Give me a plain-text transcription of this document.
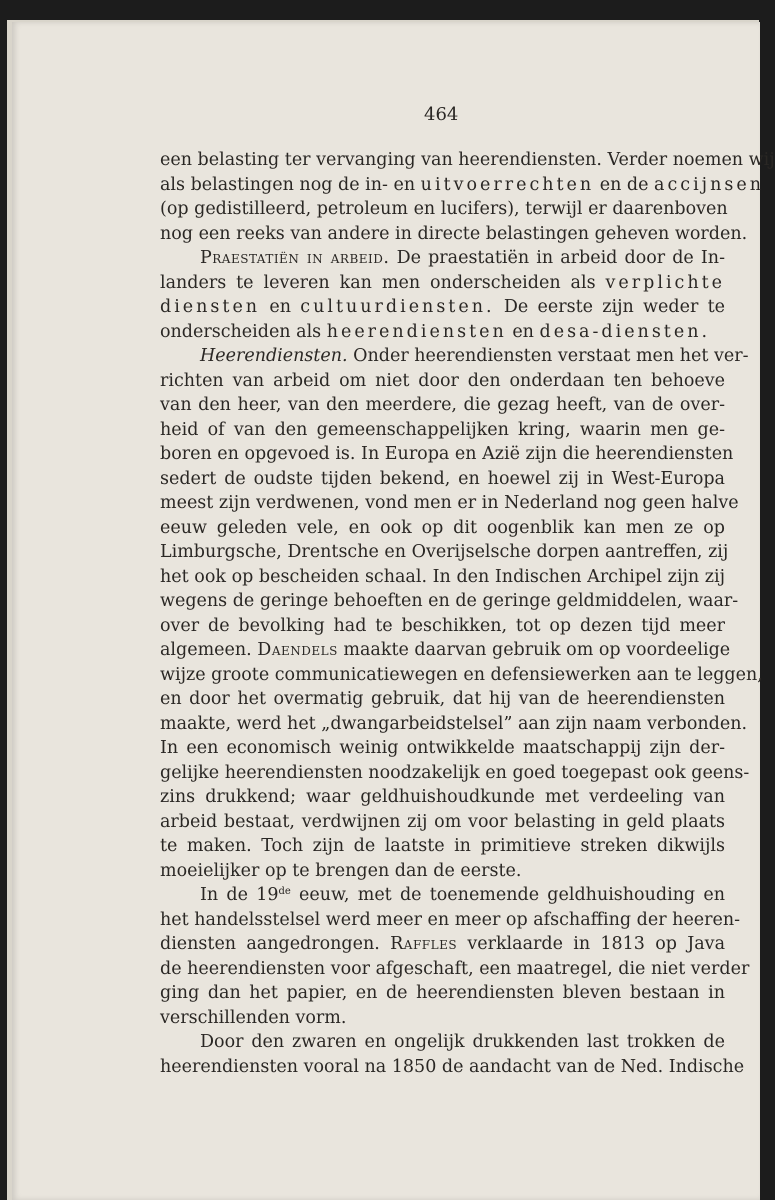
464
een belasting ter vervanging van heerendiensten. Verder noemen wij
als belastingen nog de in- en uitvoerrechten en de accijnsen
(op gedistilleerd, petroleum en lucifers), terwijl er daarenboven
nog een reeks van andere in directe belastingen geheven worden.
Praestatiën in arbeid. De praestatiën in arbeid door de In-
landers te leveren kan men onderscheiden als verplichte
diensten en cultuurdiensten. De eerste zijn weder te
onderscheiden als heerendiensten en desa-diensten.
Heerendiensten. Onder heerendiensten verstaat men het ver-
richten van arbeid om niet door den onderdaan ten behoeve
van den heer, van den meerdere, die gezag heeft, van de over-
heid of van den gemeenschappelijken kring, waarin men ge-
boren en opgevoed is. In Europa en Azië zijn die heerendiensten
sedert de oudste tijden bekend, en hoewel zij in West-Europa
meest zijn verdwenen, vond men er in Nederland nog geen halve
eeuw geleden vele, en ook op dit oogenblik kan men ze op
Limburgsche, Drentsche en Overijselsche dorpen aantreffen, zij
het ook op bescheiden schaal. In den Indischen Archipel zijn zij
wegens de geringe behoeften en de geringe geldmiddelen, waar-
over de bevolking had te beschikken, tot op dezen tijd meer
algemeen. Daendels maakte daarvan gebruik om op voordeelige
wijze groote communicatiewegen en defensiewerken aan te leggen,
en door het overmatig gebruik, dat hij van de heerendiensten
maakte, werd het „dwangarbeidstelsel” aan zijn naam verbonden.
In een economisch weinig ontwikkelde maatschappij zijn der-
gelijke heerendiensten noodzakelijk en goed toegepast ook geens-
zins drukkend; waar geldhuishoudkunde met verdeeling van
arbeid bestaat, verdwijnen zij om voor belasting in geld plaats
te maken. Toch zijn de laatste in primitieve streken dikwijls
moeielijker op te brengen dan de eerste.
In de 19de eeuw, met de toenemende geldhuishouding en
het handelsstelsel werd meer en meer op afschaffing der heeren-
diensten aangedrongen. Raffles verklaarde in 1813 op Java
de heerendiensten voor afgeschaft, een maatregel, die niet verder
ging dan het papier, en de heerendiensten bleven bestaan in
verschillenden vorm.
Door den zwaren en ongelijk drukkenden last trokken de
heerendiensten vooral na 1850 de aandacht van de Ned. Indische
